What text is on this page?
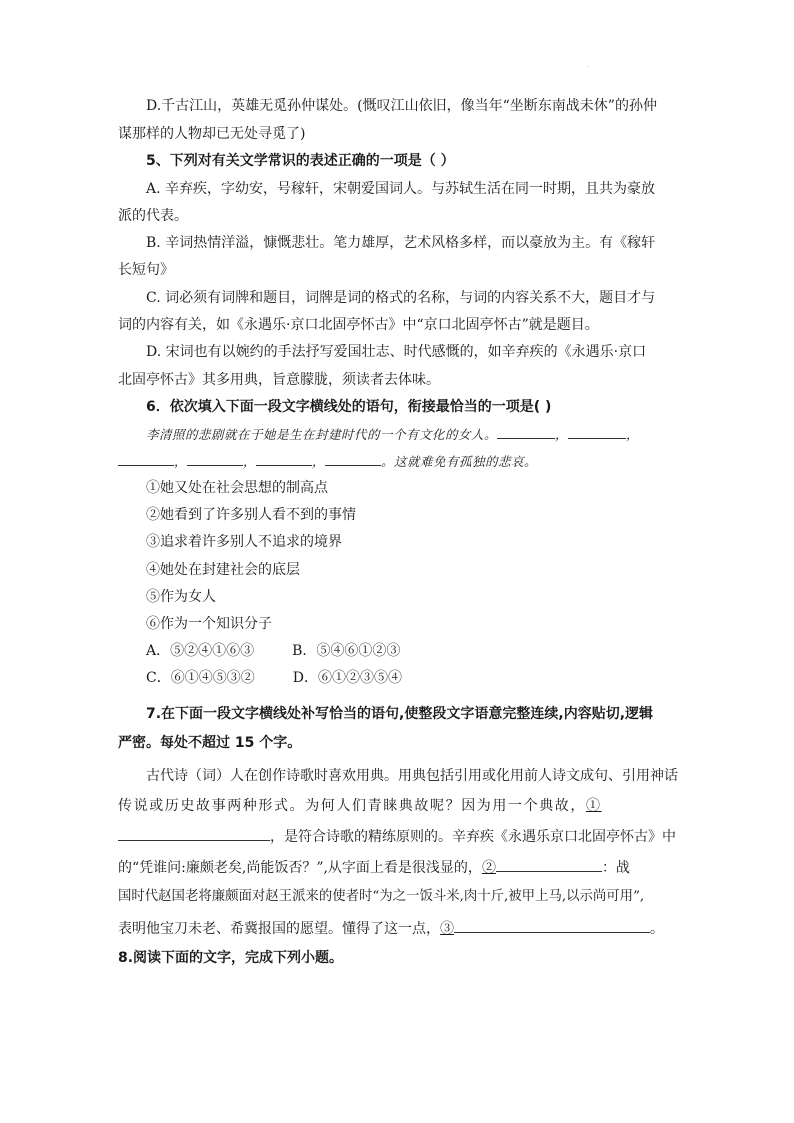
.
D.千古江山，英雄无觅孙仲谋处。(慨叹江山依旧，像当年“坐断东南战未休”的孙仲
谋那样的人物却已无处寻觅了)
5、下列对有关文学常识的表述正确的一项是（ ）
A. 辛弃疾，字幼安，号稼轩，宋朝爱国词人。与苏轼生活在同一时期，且共为豪放
派的代表。
B. 辛词热情洋溢，慷慨悲壮。笔力雄厚，艺术风格多样，而以豪放为主。有《稼轩
长短句》
C. 词必须有词牌和题目，词牌是词的格式的名称，与词的内容关系不大，题目才与
词的内容有关，如《永遇乐·京口北固亭怀古》中“京口北固亭怀古”就是题目。
D. 宋词也有以婉约的手法抒写爱国壮志、时代感慨的，如辛弃疾的《永遇乐·京口
北固亭怀古》其多用典，旨意朦胧，须读者去体味。
6．依次填入下面一段文字横线处的语句，衔接最恰当的一项是( )
李清照的悲剧就在于她是生在封建时代的一个有文化的女人。	，	，
，	，	，	。这就难免有孤独的悲哀。
①她又处在社会思想的制高点
②她看到了许多别人看不到的事情
③追求着许多别人不追求的境界
④她处在封建社会的底层
⑤作为女人
⑥作为一个知识分子
A．⑤②④①⑥③	B．⑤④⑥①②③
C．⑥①④⑤③②	D．⑥①②③⑤④
7.在下面一段文字横线处补写恰当的语句,使整段文字语意完整连续,内容贴切,逻辑
严密。每处不超过 15 个字。
古代诗（词）人在创作诗歌时喜欢用典。用典包括引用或化用前人诗文成句、引用神话
传说或历史故事两种形式。为何人们青睐典故呢？因为用一个典故，①
，是符合诗歌的精练原则的。辛弃疾《永遇乐京口北固亭怀古》中
的“凭谁问:廉颇老矣,尚能饭否？”,从字面上看是很浅显的，②	：战
国时代赵国老将廉颇面对赵王派来的使者时“为之一饭斗米,肉十斤,被甲上马,以示尚可用”,
表明他宝刀未老、希冀报国的愿望。懂得了这一点，③	。
8.阅读下面的文字，完成下列小题。
